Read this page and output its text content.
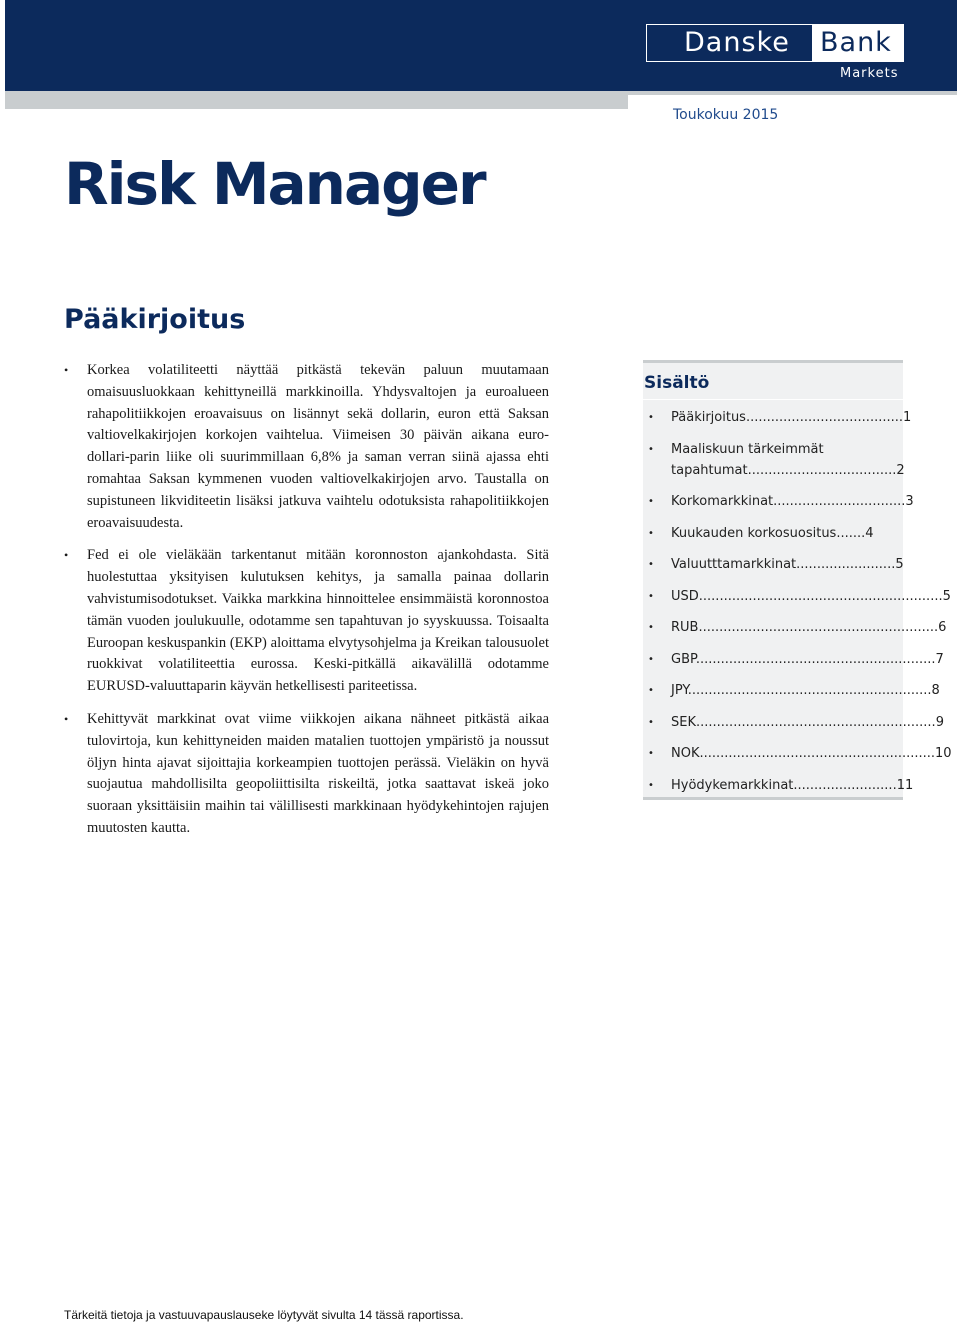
Danske Bank
Markets
Toukokuu 2015
Risk Manager
Pääkirjoitus
• Korkea volatiliteetti näyttää pitkästä tekevän paluun muutamaan omaisuusluokkaan kehittyneillä markkinoilla. Yhdysvaltojen ja euroalueen rahapolitiikkojen eroavaisuus on lisännyt sekä dollarin, euron että Saksan valtiovelkakirjojen korkojen vaihtelua. Viimeisen 30 päivän aikana euro-dollari-parin liike oli suurimmillaan 6,8% ja saman verran siinä ajassa ehti romahtaa Saksan kymmenen vuoden valtiovelkakirjojen arvo. Taustalla on supistuneen likviditeetin lisäksi jatkuva vaihtelu odotuksista rahapolitiikkojen eroavaisuudesta.
• Fed ei ole vieläkään tarkentanut mitään koronnoston ajankohdasta. Sitä huolestuttaa yksityisen kulutuksen kehitys, ja samalla painaa dollarin vahvistumisodotukset. Vaikka markkina hinnoittelee ensimmäistä koronnostoa tämän vuoden joulukuulle, odotamme sen tapahtuvan jo syyskuussa. Toisaalta Euroopan keskuspankin (EKP) aloittama elvytysohjelma ja Kreikan talousuolet ruokkivat volatiliteettia eurossa. Keski-pitkällä aikavälillä odotamme EURUSD-valuuttaparin käyvän hetkellisesti pariteetissa.
• Kehittyvät markkinat ovat viime viikkojen aikana nähneet pitkästä aikaa tulovirtoja, kun kehittyneiden maiden matalien tuottojen ympäristö ja noussut öljyn hinta ajavat sijoittajia korkeampien tuottojen perässä. Vieläkin on hyvä suojautua mahdollisilta geopoliittisilta riskeiltä, jotka saattavat iskeä joko suoraan yksittäisiin maihin tai välillisesti markkinaan hyödykehintojen rajujen muutosten kautta.
Sisältö
• Pääkirjoitus......................................1
• Maaliskuun tärkeimmät tapahtumat....................................2
• Korkomarkkinat................................3
• Kuukauden korkosuositus.......4
• Valuutttamarkkinat........................5
• USD...........................................................5
• RUB..........................................................6
• GBP..........................................................7
• JPY...........................................................8
• SEK..........................................................9
• NOK.........................................................10
• Hyödykemarkkinat.........................11
Tärkeitä tietoja ja vastuuvapauslauseke löytyvät sivulta 14 tässä raportissa.
